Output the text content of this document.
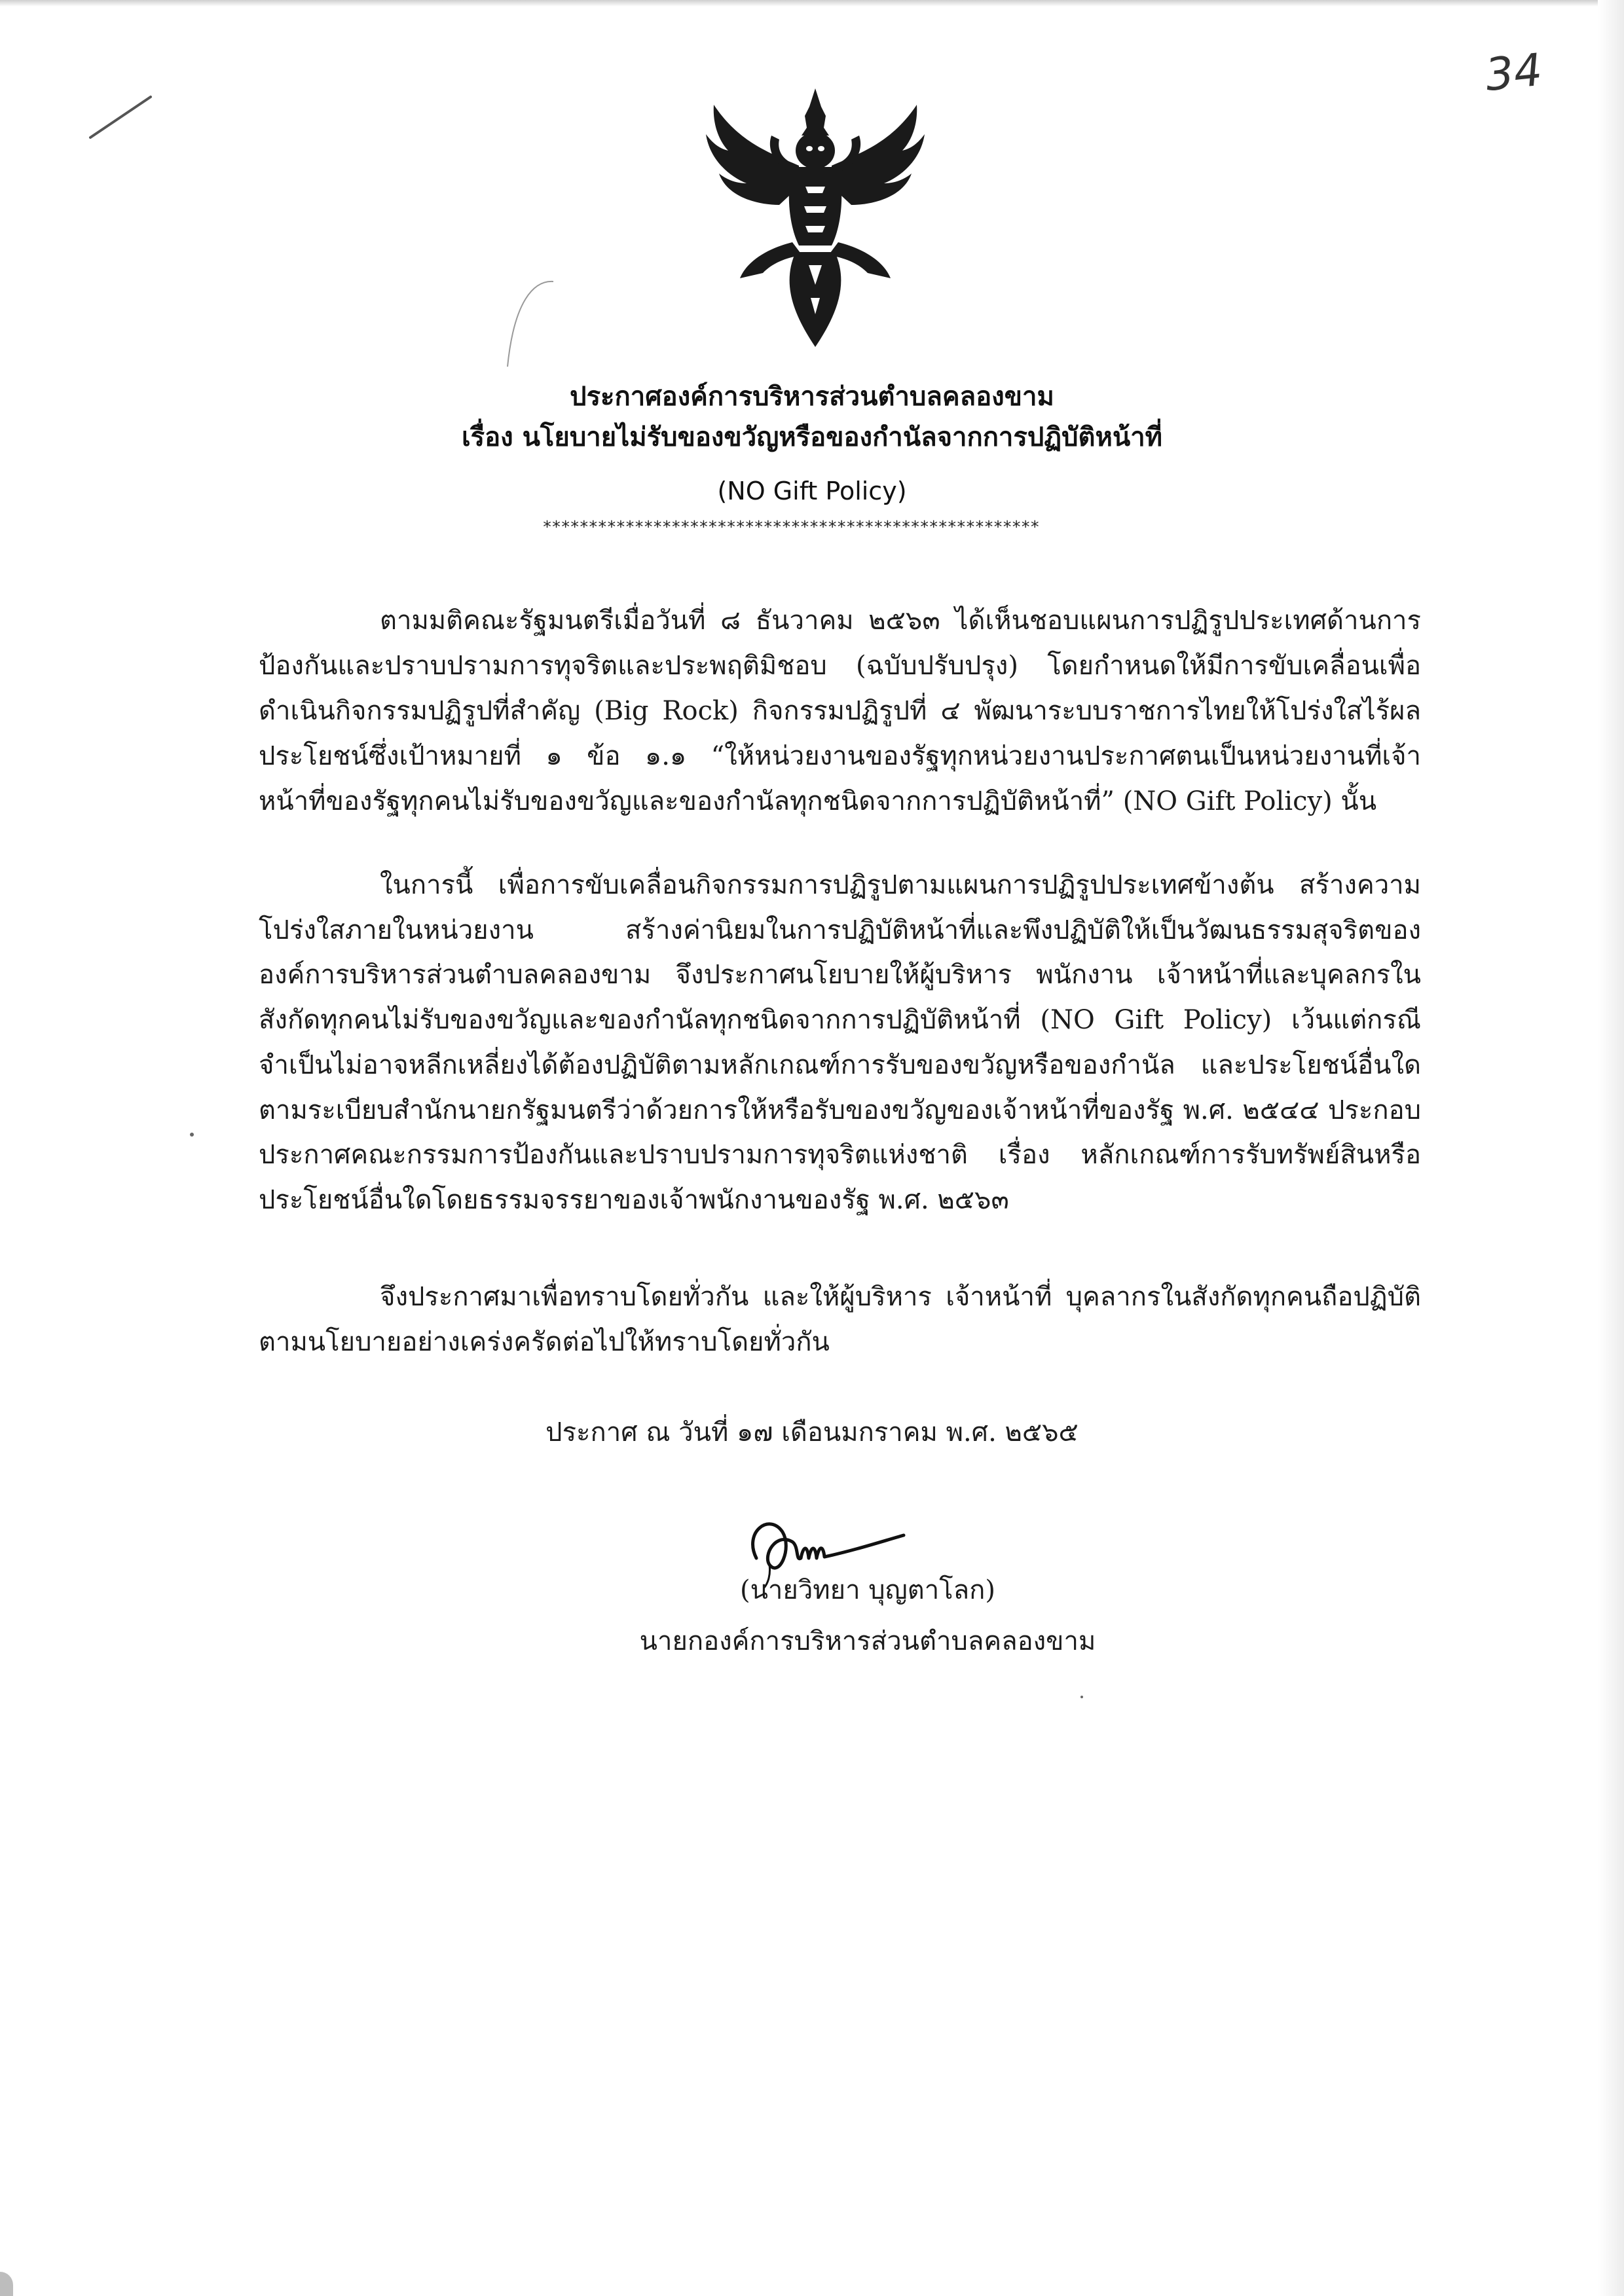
34
ประกาศองค์การบริหารส่วนตำบลคลองขาม
เรื่อง นโยบายไม่รับของขวัญหรือของกำนัลจากการปฏิบัติหน้าที่
(NO Gift Policy)
******************************************************
ตามมติคณะรัฐมนตรีเมื่อวันที่ ๘ ธันวาคม ๒๕๖๓ ได้เห็นชอบแผนการปฏิรูปประเทศด้านการป้องกันและปราบปรามการทุจริตและประพฤติมิชอบ (ฉบับปรับปรุง) โดยกำหนดให้มีการขับเคลื่อนเพื่อดำเนินกิจกรรมปฏิรูปที่สำคัญ (Big Rock) กิจกรรมปฏิรูปที่ ๔ พัฒนาระบบราชการไทยให้โปร่งใสไร้ผลประโยชน์ซึ่งเป้าหมายที่ ๑ ข้อ ๑.๑ “ให้หน่วยงานของรัฐทุกหน่วยงานประกาศตนเป็นหน่วยงานที่เจ้าหน้าที่ของรัฐทุกคนไม่รับของขวัญและของกำนัลทุกชนิดจากการปฏิบัติหน้าที่” (NO Gift Policy) นั้น
ในการนี้ เพื่อการขับเคลื่อนกิจกรรมการปฏิรูปตามแผนการปฏิรูปประเทศข้างต้น สร้างความโปร่งใสภายในหน่วยงาน สร้างค่านิยมในการปฏิบัติหน้าที่และพึงปฏิบัติให้เป็นวัฒนธรรมสุจริตขององค์การบริหารส่วนตำบลคลองขาม จึงประกาศนโยบายให้ผู้บริหาร พนักงาน เจ้าหน้าที่และบุคลกรในสังกัดทุกคนไม่รับของขวัญและของกำนัลทุกชนิดจากการปฏิบัติหน้าที่ (NO Gift Policy) เว้นแต่กรณีจำเป็นไม่อาจหลีกเหลี่ยงได้ต้องปฏิบัติตามหลักเกณฑ์การรับของขวัญหรือของกำนัล และประโยชน์อื่นใดตามระเบียบสำนักนายกรัฐมนตรีว่าด้วยการให้หรือรับของขวัญของเจ้าหน้าที่ของรัฐ พ.ศ. ๒๕๔๔ ประกอบประกาศคณะกรรมการป้องกันและปราบปรามการทุจริตแห่งชาติ เรื่อง หลักเกณฑ์การรับทรัพย์สินหรือประโยชน์อื่นใดโดยธรรมจรรยาของเจ้าพนักงานของรัฐ พ.ศ. ๒๕๖๓
จึงประกาศมาเพื่อทราบโดยทั่วกัน และให้ผู้บริหาร เจ้าหน้าที่ บุคลากรในสังกัดทุกคนถือปฏิบัติตามนโยบายอย่างเคร่งครัดต่อไปให้ทราบโดยทั่วกัน
ประกาศ ณ วันที่ ๑๗ เดือนมกราคม พ.ศ. ๒๕๖๕
(นายวิทยา บุญตาโลก)
นายกองค์การบริหารส่วนตำบลคลองขาม
